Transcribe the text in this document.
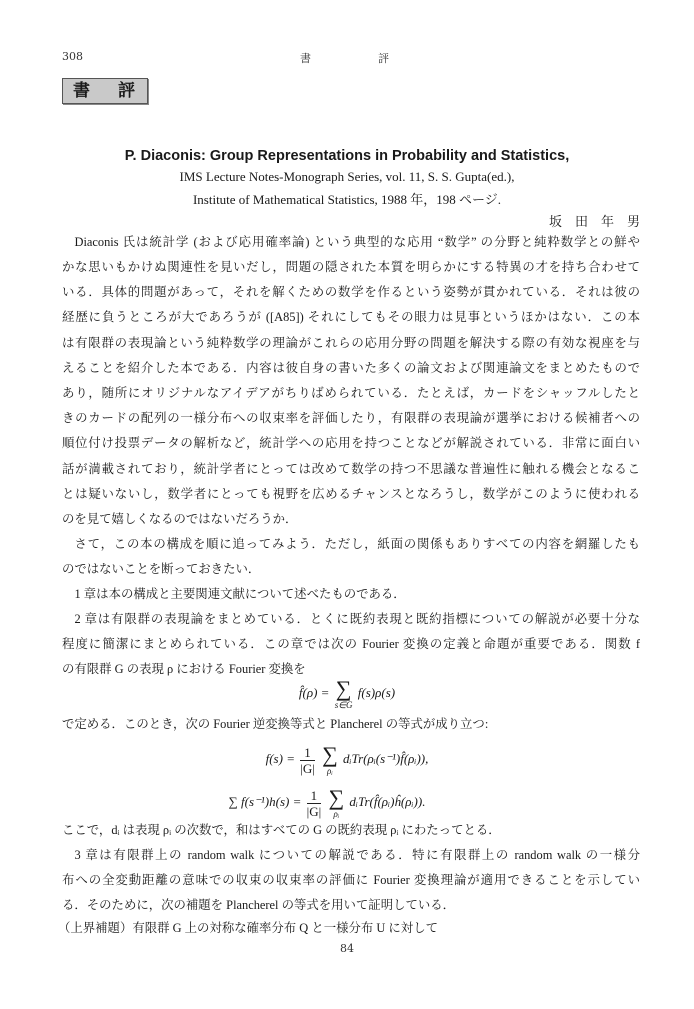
308	書	評
書 評
P. Diaconis: Group Representations in Probability and Statistics,
IMS Lecture Notes-Monograph Series, vol. 11, S. S. Gupta(ed.),
Institute of Mathematical Statistics, 1988 年，198 ページ.
坂　田　年　男
Diaconis 氏は統計学 (および応用確率論) という典型的な応用 “数学” の分野と純粋数学との鮮や
かな思いもかけぬ関連性を見いだし，問題の隠された本質を明らかにする特異の才を持ち合わせて
いる．具体的問題があって，それを解くための数学を作るという姿勢が貫かれている．それは彼の
経歴に負うところが大であろうが ([A85]) それにしてもその眼力は見事というほかはない．この本
は有限群の表現論という純粋数学の理論がこれらの応用分野の問題を解決する際の有効な視座を与
えることを紹介した本である．内容は彼自身の書いた多くの論文および関連論文をまとめたもので
あり，随所にオリジナルなアイデアがちりばめられている．たとえば，カードをシャッフルしたと
きのカードの配列の一様分布への収束率を評価したり，有限群の表現論が選挙における候補者への
順位付け投票データの解析など，統計学への応用を持つことなどが解説されている．非常に面白い
話が満載されており，統計学者にとっては改めて数学の持つ不思議な普遍性に触れる機会となるこ
とは疑いないし，数学者にとっても視野を広めるチャンスとなろうし，数学がこのように使われる
のを見て嬉しくなるのではないだろうか．
さて，この本の構成を順に追ってみよう．ただし，紙面の関係もありすべての内容を網羅したも
のではないことを断っておきたい．
1 章は本の構成と主要関連文献について述べたものである．
2 章は有限群の表現論をまとめている．とくに既約表現と既約指標についての解説が必要十分な
程度に簡潔にまとめられている．この章では次の Fourier 変換の定義と命題が重要である．関数 f
の有限群 G の表現 ρ における Fourier 変換を
f̂(ρ) = ∑
s∈G
f(s)ρ(s)
で定める．このとき，次の Fourier 逆変換等式と Plancherel の等式が成り立つ:
$f(s) = \frac{1}{|G|}$
∑
ρᵢ
dᵢTr(ρᵢ(s⁻¹)f̂(ρᵢ)),
∑ $f(s^{-1})h(s) = \frac{1}{|G|}$
∑
ρᵢ
dᵢTr(f̂(ρᵢ)ĥ(ρᵢ)).
ここで，dᵢ は表現 ρᵢ の次数で，和はすべての G の既約表現 ρᵢ にわたってとる．
3 章は有限群上の random walk についての解説である．特に有限群上の random walk の一様分
布への全変動距離の意味での収束の収束率の評価に Fourier 変換理論が適用できることを示してい
る．そのために，次の補題を Plancherel の等式を用いて証明している．
（上界補題）有限群 G 上の対称な確率分布 Q と一様分布 U に対して
84
